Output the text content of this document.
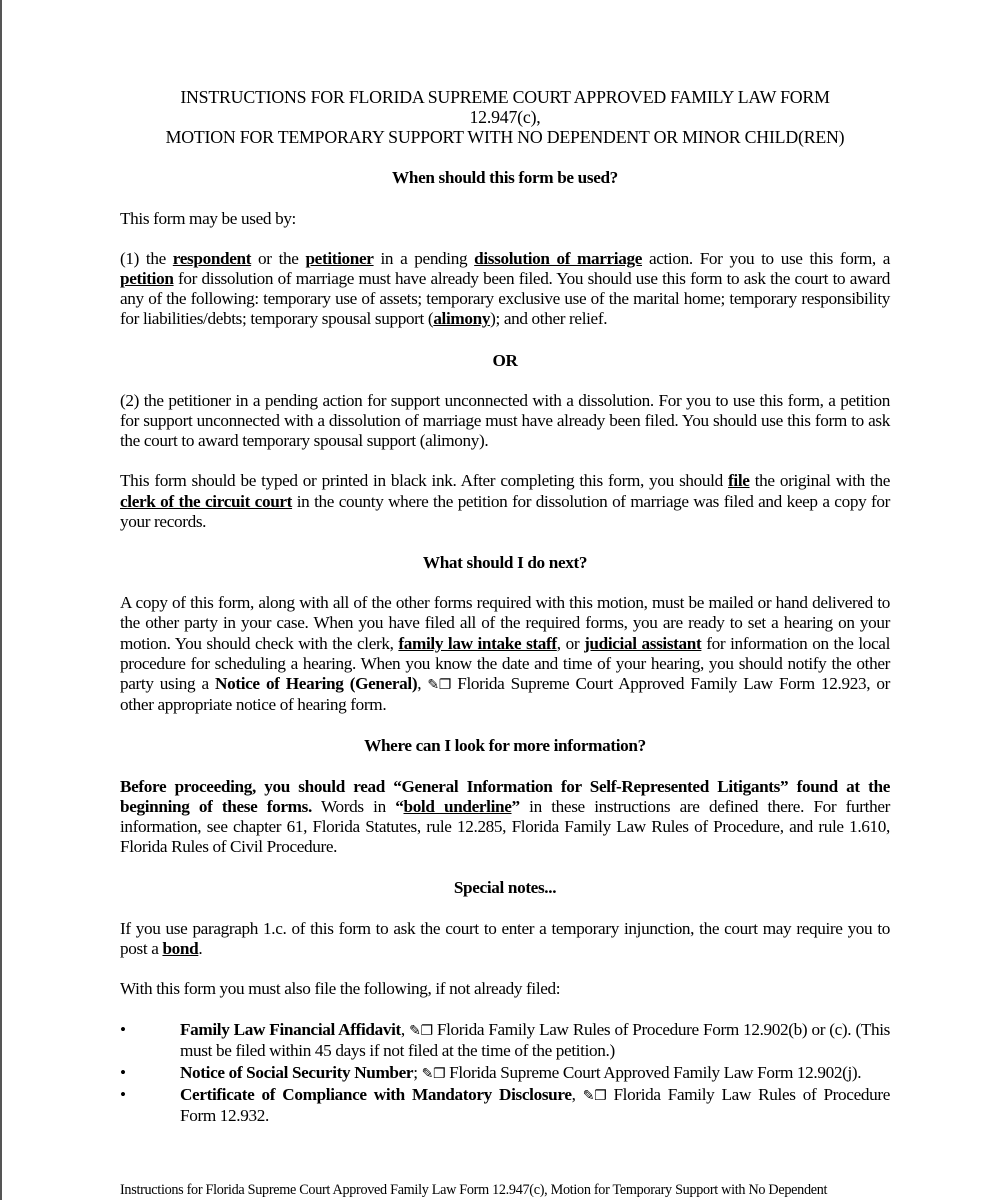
INSTRUCTIONS FOR FLORIDA SUPREME COURT APPROVED FAMILY LAW FORM
12.947(c),
MOTION FOR TEMPORARY SUPPORT WITH NO DEPENDENT OR MINOR CHILD(REN)
When should this form be used?

This form may be used by:

(1) the respondent or the petitioner in a pending dissolution of marriage action. For you to use this form, a petition for dissolution of marriage must have already been filed. You should use this form to ask the court to award any of the following: temporary use of assets; temporary exclusive use of the marital home; temporary responsibility for liabilities/debts; temporary spousal support (alimony); and other relief.

OR

(2) the petitioner in a pending action for support unconnected with a dissolution. For you to use this form, a petition for support unconnected with a dissolution of marriage must have already been filed. You should use this form to ask the court to award temporary spousal support (alimony).

This form should be typed or printed in black ink. After completing this form, you should file the original with the clerk of the circuit court in the county where the petition for dissolution of marriage was filed and keep a copy for your records.

What should I do next?

A copy of this form, along with all of the other forms required with this motion, must be mailed or hand delivered to the other party in your case. When you have filed all of the required forms, you are ready to set a hearing on your motion. You should check with the clerk, family law intake staff, or judicial assistant for information on the local procedure for scheduling a hearing. When you know the date and time of your hearing, you should notify the other party using a Notice of Hearing (General), ✎❐ Florida Supreme Court Approved Family Law Form 12.923, or other appropriate notice of hearing form.

Where can I look for more information?

Before proceeding, you should read “General Information for Self-Represented Litigants” found at the beginning of these forms. Words in “bold underline” in these instructions are defined there. For further information, see chapter 61, Florida Statutes, rule 12.285, Florida Family Law Rules of Procedure, and rule 1.610, Florida Rules of Civil Procedure.

Special notes...

If you use paragraph 1.c. of this form to ask the court to enter a temporary injunction, the court may require you to post a bond.

With this form you must also file the following, if not already filed:

•	Family Law Financial Affidavit, ✎❐ Florida Family Law Rules of Procedure Form 12.902(b) or (c). (This must be filed within 45 days if not filed at the time of the petition.)
•	Notice of Social Security Number; ✎❐ Florida Supreme Court Approved Family Law Form 12.902(j).
•	Certificate of Compliance with Mandatory Disclosure, ✎❐ Florida Family Law Rules of Procedure Form 12.932.
Instructions for Florida Supreme Court Approved Family Law Form 12.947(c), Motion for Temporary Support with No Dependent
